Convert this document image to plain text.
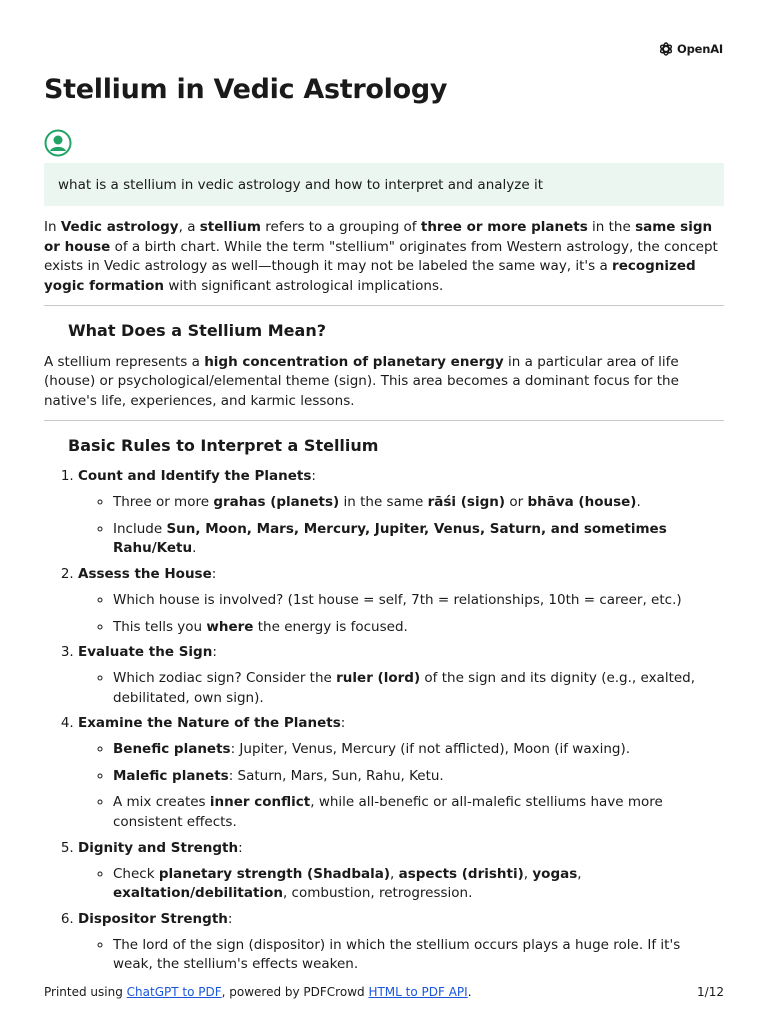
OpenAI
Stellium in Vedic Astrology
what is a stellium in vedic astrology and how to interpret and analyze it

In Vedic astrology, a stellium refers to a grouping of three or more planets in the same sign or house of a birth chart. While the term "stellium" originates from Western astrology, the concept exists in Vedic astrology as well—though it may not be labeled the same way, it's a recognized yogic formation with significant astrological implications.

What Does a Stellium Mean?

A stellium represents a high concentration of planetary energy in a particular area of life (house) or psychological/elemental theme (sign). This area becomes a dominant focus for the native's life, experiences, and karmic lessons.

Basic Rules to Interpret a Stellium
1. Count and Identify the Planets:
◦ Three or more grahas (planets) in the same rāśi (sign) or bhāva (house).
◦ Include Sun, Moon, Mars, Mercury, Jupiter, Venus, Saturn, and sometimes Rahu/Ketu.
2. Assess the House:
◦ Which house is involved? (1st house = self, 7th = relationships, 10th = career, etc.)
◦ This tells you where the energy is focused.
3. Evaluate the Sign:
◦ Which zodiac sign? Consider the ruler (lord) of the sign and its dignity (e.g., exalted, debilitated, own sign).
4. Examine the Nature of the Planets:
◦ Benefic planets: Jupiter, Venus, Mercury (if not afflicted), Moon (if waxing).
◦ Malefic planets: Saturn, Mars, Sun, Rahu, Ketu.
◦ A mix creates inner conflict, while all-benefic or all-malefic stelliums have more consistent effects.
5. Dignity and Strength:
◦ Check planetary strength (Shadbala), aspects (drishti), yogas, exaltation/debilitation, combustion, retrogression.
6. Dispositor Strength:
◦ The lord of the sign (dispositor) in which the stellium occurs plays a huge role. If it's weak, the stellium's effects weaken.
Printed using ChatGPT to PDF, powered by PDFCrowd HTML to PDF API.	1/12
